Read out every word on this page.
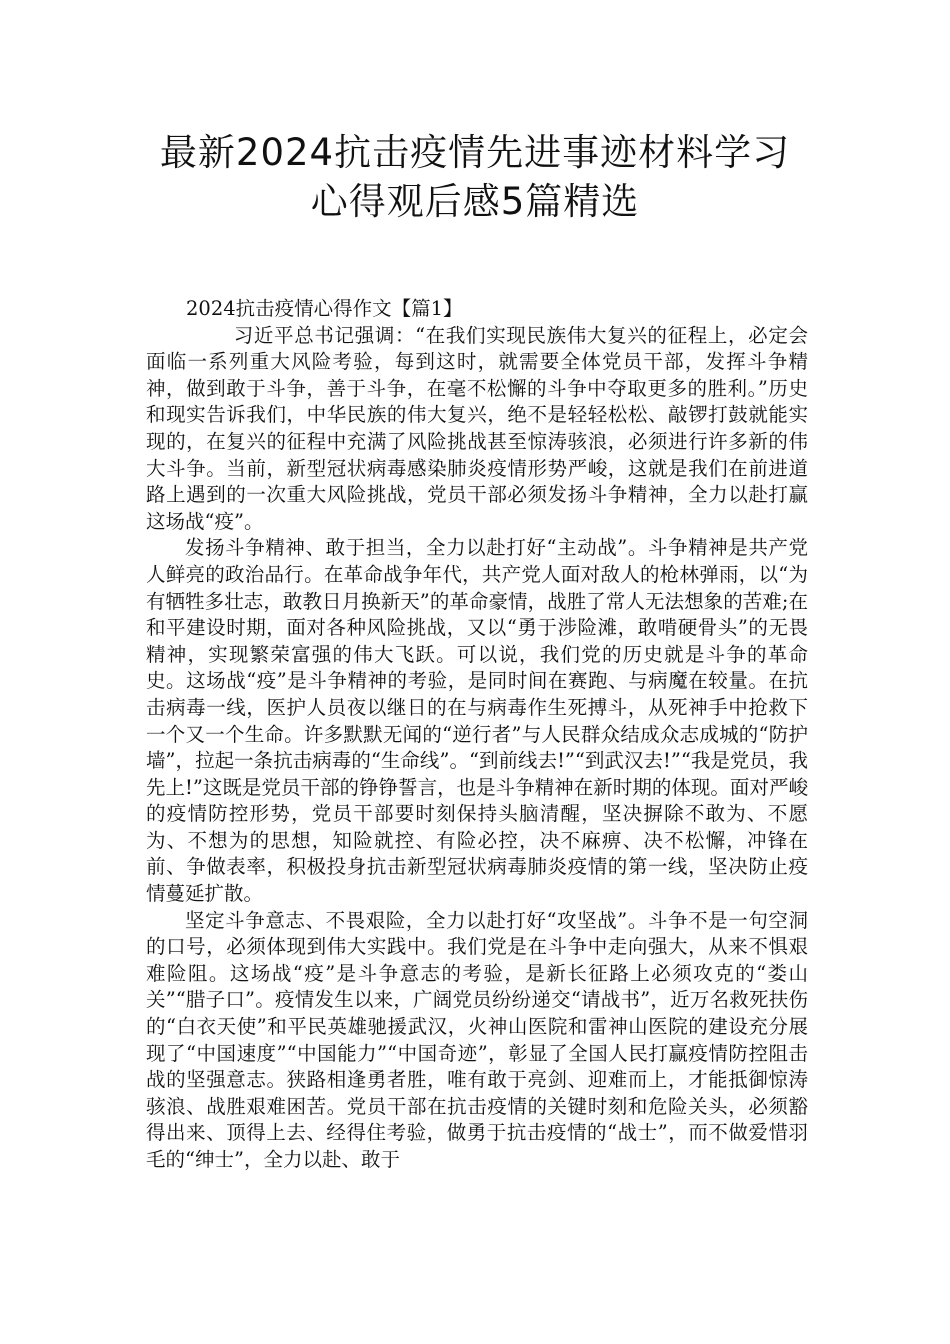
最新2024抗击疫情先进事迹材料学习
心得观后感5篇精选

2024抗击疫情心得作文【篇1】

习近平总书记强调：“在我们实现民族伟大复兴的征程上，必定会面临一系列重大风险考验，每到这时，就需要全体党员干部，发挥斗争精神，做到敢于斗争，善于斗争，在毫不松懈的斗争中夺取更多的胜利。”历史和现实告诉我们，中华民族的伟大复兴，绝不是轻轻松松、敲锣打鼓就能实现的，在复兴的征程中充满了风险挑战甚至惊涛骇浪，必须进行许多新的伟大斗争。当前，新型冠状病毒感染肺炎疫情形势严峻，这就是我们在前进道路上遇到的一次重大风险挑战，党员干部必须发扬斗争精神，全力以赴打赢这场战“疫”。

发扬斗争精神、敢于担当，全力以赴打好“主动战”。斗争精神是共产党人鲜亮的政治品行。在革命战争年代，共产党人面对敌人的枪林弹雨，以“为有牺牲多壮志，敢教日月换新天”的革命豪情，战胜了常人无法想象的苦难;在和平建设时期，面对各种风险挑战，又以“勇于涉险滩，敢啃硬骨头”的无畏精神，实现繁荣富强的伟大飞跃。可以说，我们党的历史就是斗争的革命史。这场战“疫”是斗争精神的考验，是同时间在赛跑、与病魔在较量。在抗击病毒一线，医护人员夜以继日的在与病毒作生死搏斗，从死神手中抢救下一个又一个生命。许多默默无闻的“逆行者”与人民群众结成众志成城的“防护墙”，拉起一条抗击病毒的“生命线”。“到前线去!”“到武汉去!”“我是党员，我先上!”这既是党员干部的铮铮誓言，也是斗争精神在新时期的体现。面对严峻的疫情防控形势，党员干部要时刻保持头脑清醒，坚决摒除不敢为、不愿为、不想为的思想，知险就控、有险必控，决不麻痹、决不松懈，冲锋在前、争做表率，积极投身抗击新型冠状病毒肺炎疫情的第一线，坚决防止疫情蔓延扩散。

坚定斗争意志、不畏艰险，全力以赴打好“攻坚战”。斗争不是一句空洞的口号，必须体现到伟大实践中。我们党是在斗争中走向强大，从来不惧艰难险阻。这场战“疫”是斗争意志的考验，是新长征路上必须攻克的“娄山关”“腊子口”。疫情发生以来，广阔党员纷纷递交“请战书”，近万名救死扶伤的“白衣天使”和平民英雄驰援武汉，火神山医院和雷神山医院的建设充分展现了“中国速度”“中国能力”“中国奇迹”，彰显了全国人民打赢疫情防控阻击战的坚强意志。狭路相逢勇者胜，唯有敢于亮剑、迎难而上，才能抵御惊涛骇浪、战胜艰难困苦。党员干部在抗击疫情的关键时刻和危险关头，必须豁得出来、顶得上去、经得住考验，做勇于抗击疫情的“战士”，而不做爱惜羽毛的“绅士”，全力以赴、敢于
